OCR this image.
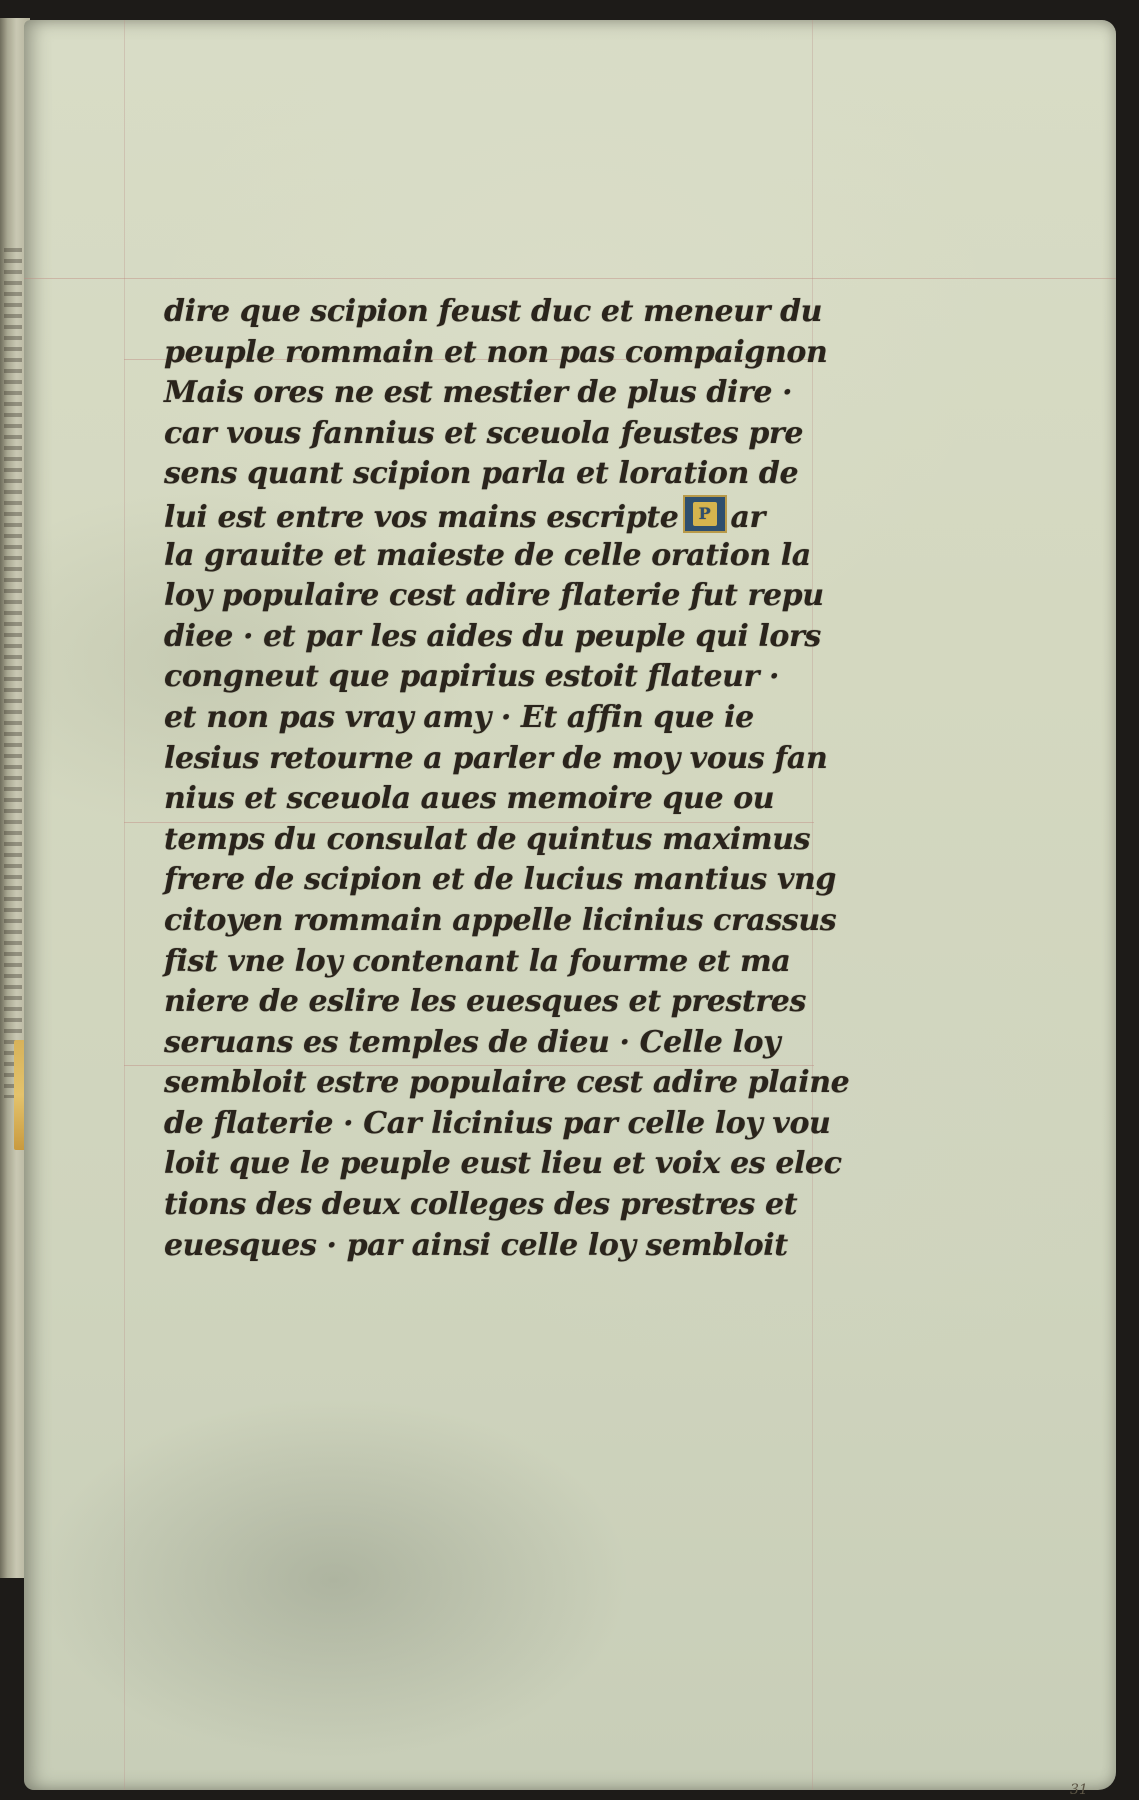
dire que scipion feust duc et meneur du
peuple rommain et non pas compaignon
Mais ores ne est mestier de plus dire ·
car vous fannius et sceuola feustes pre
sens quant scipion parla et loration de
lui est entre vos mains escripte	P ar
la grauite et maieste de celle oration la
loy populaire cest adire flaterie fut repu
diee · et par les aides du peuple qui lors
congneut que papirius estoit flateur ·
et non pas vray amy · Et affin que ie
lesius retourne a parler de moy vous fan
nius et sceuola aues memoire que ou
temps du consulat de quintus maximus
frere de scipion et de lucius mantius vng
citoyen rommain appelle licinius crassus
fist vne loy contenant la fourme et ma
niere de eslire les euesques et prestres
seruans es temples de dieu · Celle loy
sembloit estre populaire cest adire plaine
de flaterie · Car licinius par celle loy vou
loit que le peuple eust lieu et voix es elec
tions des deux colleges des prestres et
euesques · par ainsi celle loy sembloit
31
